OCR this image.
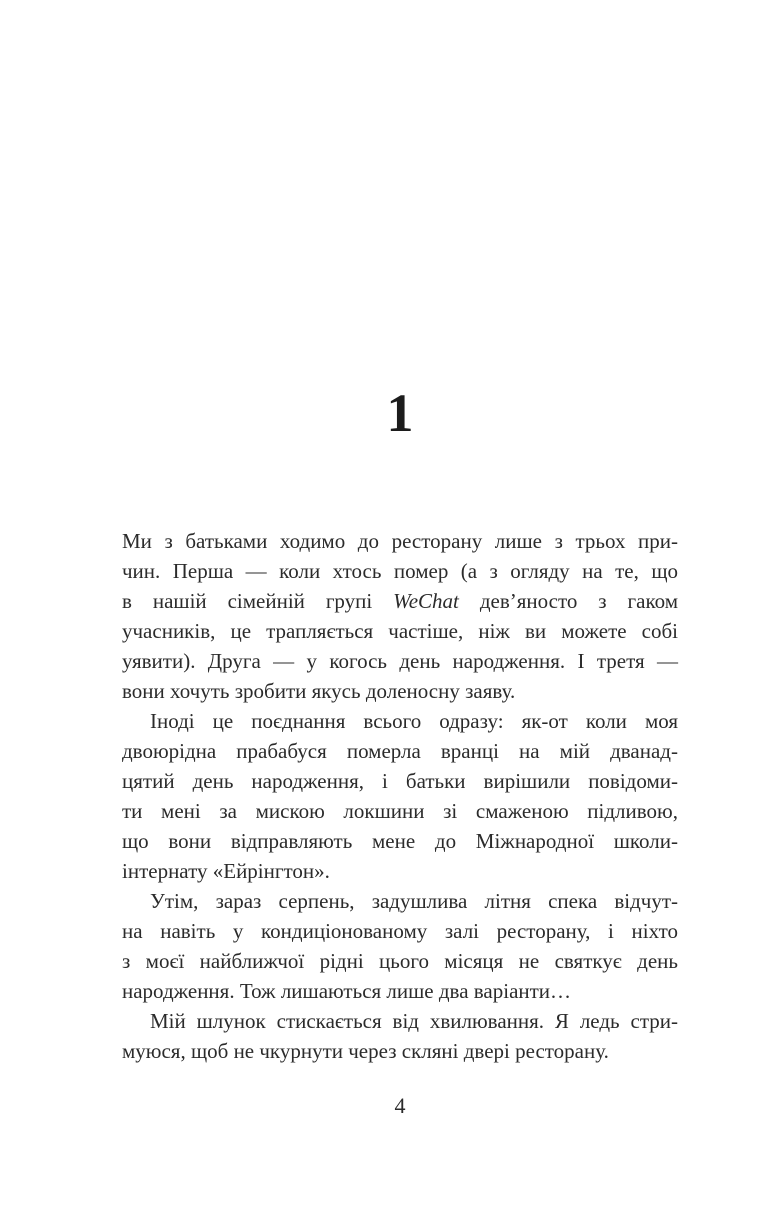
1
Ми з батьками ходимо до ресторану лише з трьох при-
чин. Перша — коли хтось помер (а з огляду на те, що
в нашій сімейній групі WeChat дев’яносто з гаком
учасників, це трапляється частіше, ніж ви можете собі
уявити). Друга — у когось день народження. І третя —
вони хочуть зробити якусь доленосну заяву.
Іноді це поєднання всього одразу: як-от коли моя
двоюрідна прабабуся померла вранці на мій дванад-
цятий день народження, і батьки вирішили повідоми-
ти мені за мискою локшини зі смаженою підливою,
що вони відправляють мене до Міжнародної школи-
інтернату «Ейрінгтон».
Утім, зараз серпень, задушлива літня спека відчут-
на навіть у кондиціонованому залі ресторану, і ніхто
з моєї найближчої рідні цього місяця не святкує день
народження. Тож лишаються лише два варіанти…
Мій шлунок стискається від хвилювання. Я ледь стри-
муюся, щоб не чкурнути через скляні двері ресторану.
4
